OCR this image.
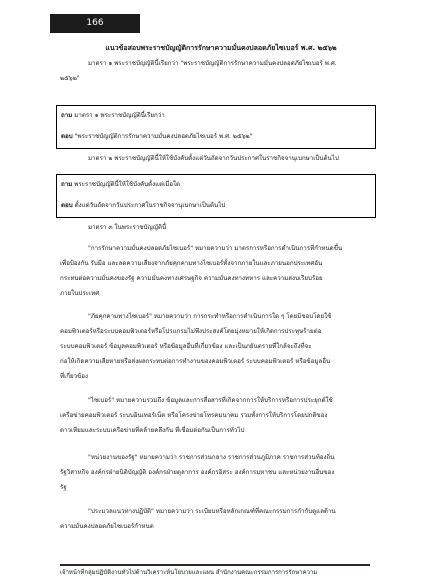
166
แนวข้อสอบพระราชบัญญัติการรักษาความมั่นคงปลอดภัยไซเบอร์ พ.ศ. ๒๕๖๒
มาตรา ๑ พระราชบัญญัตินี้เรียกว่า "พระราชบัญญัติการรักษาความมั่นคงปลอดภัยไซเบอร์ พ.ศ.
๒๕๖๒"
ถาม มาตรา ๑ พระราชบัญญัตินี้เรียกว่า
ตอบ "พระราชบัญญัติการรักษาความมั่นคงปลอดภัยไซเบอร์ พ.ศ. ๒๕๖๒"
มาตรา ๒ พระราชบัญญัตินี้ให้ใช้บังคับตั้งแต่วันถัดจากวันประกาศในราชกิจจานุเบกษาเป็นต้นไป
ถาม พระราชบัญญัตินี้ให้ใช้บังคับตั้งแต่เมื่อใด
ตอบ ตั้งแต่วันถัดจากวันประกาศในราชกิจจานุเบกษาเป็นต้นไป
มาตรา ๓ ในพระราชบัญญัตินี้
"การรักษาความมั่นคงปลอดภัยไซเบอร์" หมายความว่า มาตรการหรือการดำเนินการที่กำหนดขึ้น
เพื่อป้องกัน รับมือ และลดความเสี่ยงจากภัยคุกคามทางไซเบอร์ทั้งจากภายในและภายนอกประเทศอัน
กระทบต่อความมั่นคงของรัฐ ความมั่นคงทางเศรษฐกิจ ความมั่นคงทางทหาร และความสงบเรียบร้อย
ภายในประเทศ
"ภัยคุกคามทางไซเบอร์" หมายความว่า การกระทำหรือการดำเนินการใด ๆ โดยมิชอบโดยใช้
คอมพิวเตอร์หรือระบบคอมพิวเตอร์หรือโปรแกรมไม่พึงประสงค์โดยมุ่งหมายให้เกิดการประทุษร้ายต่อ
ระบบคอมพิวเตอร์ ข้อมูลคอมพิวเตอร์ หรือข้อมูลอื่นที่เกี่ยวข้อง และเป็นภยันตรายที่ใกล้จะถึงที่จะ
ก่อให้เกิดความเสียหายหรือส่งผลกระทบต่อการทำงานของคอมพิวเตอร์ ระบบคอมพิวเตอร์ หรือข้อมูลอื่น
ที่เกี่ยวข้อง
"ไซเบอร์" หมายความรวมถึง ข้อมูลและการสื่อสารที่เกิดจากการให้บริการหรือการประยุกต์ใช้
เครือข่ายคอมพิวเตอร์ ระบบอินเทอร์เน็ต หรือโครงข่ายโทรคมนาคม รวมทั้งการให้บริการโดยปกติของ
ดาวเทียมและระบบเครือข่ายที่คล้ายคลึงกัน ที่เชื่อมต่อกันเป็นการทั่วไป
"หน่วยงานของรัฐ" หมายความว่า ราชการส่วนกลาง ราชการส่วนภูมิภาค ราชการส่วนท้องถิ่น
รัฐวิสาหกิจ องค์กรฝ่ายนิติบัญญัติ องค์กรฝ่ายตุลาการ องค์กรอิสระ องค์การมหาชน และหน่วยงานอื่นของ
รัฐ
"ประมวลแนวทางปฏิบัติ" หมายความว่า ระเบียบหรือหลักเกณฑ์ที่คณะกรรมการกำกับดูแลด้าน
ความมั่นคงปลอดภัยไซเบอร์กำหนด
เจ้าหน้าที่กลุ่มปฏิบัติงานทั่วไปด้านวิเคราะห์นโยบายและแผน สำนักงานคณะกรรมการการรักษาความ
